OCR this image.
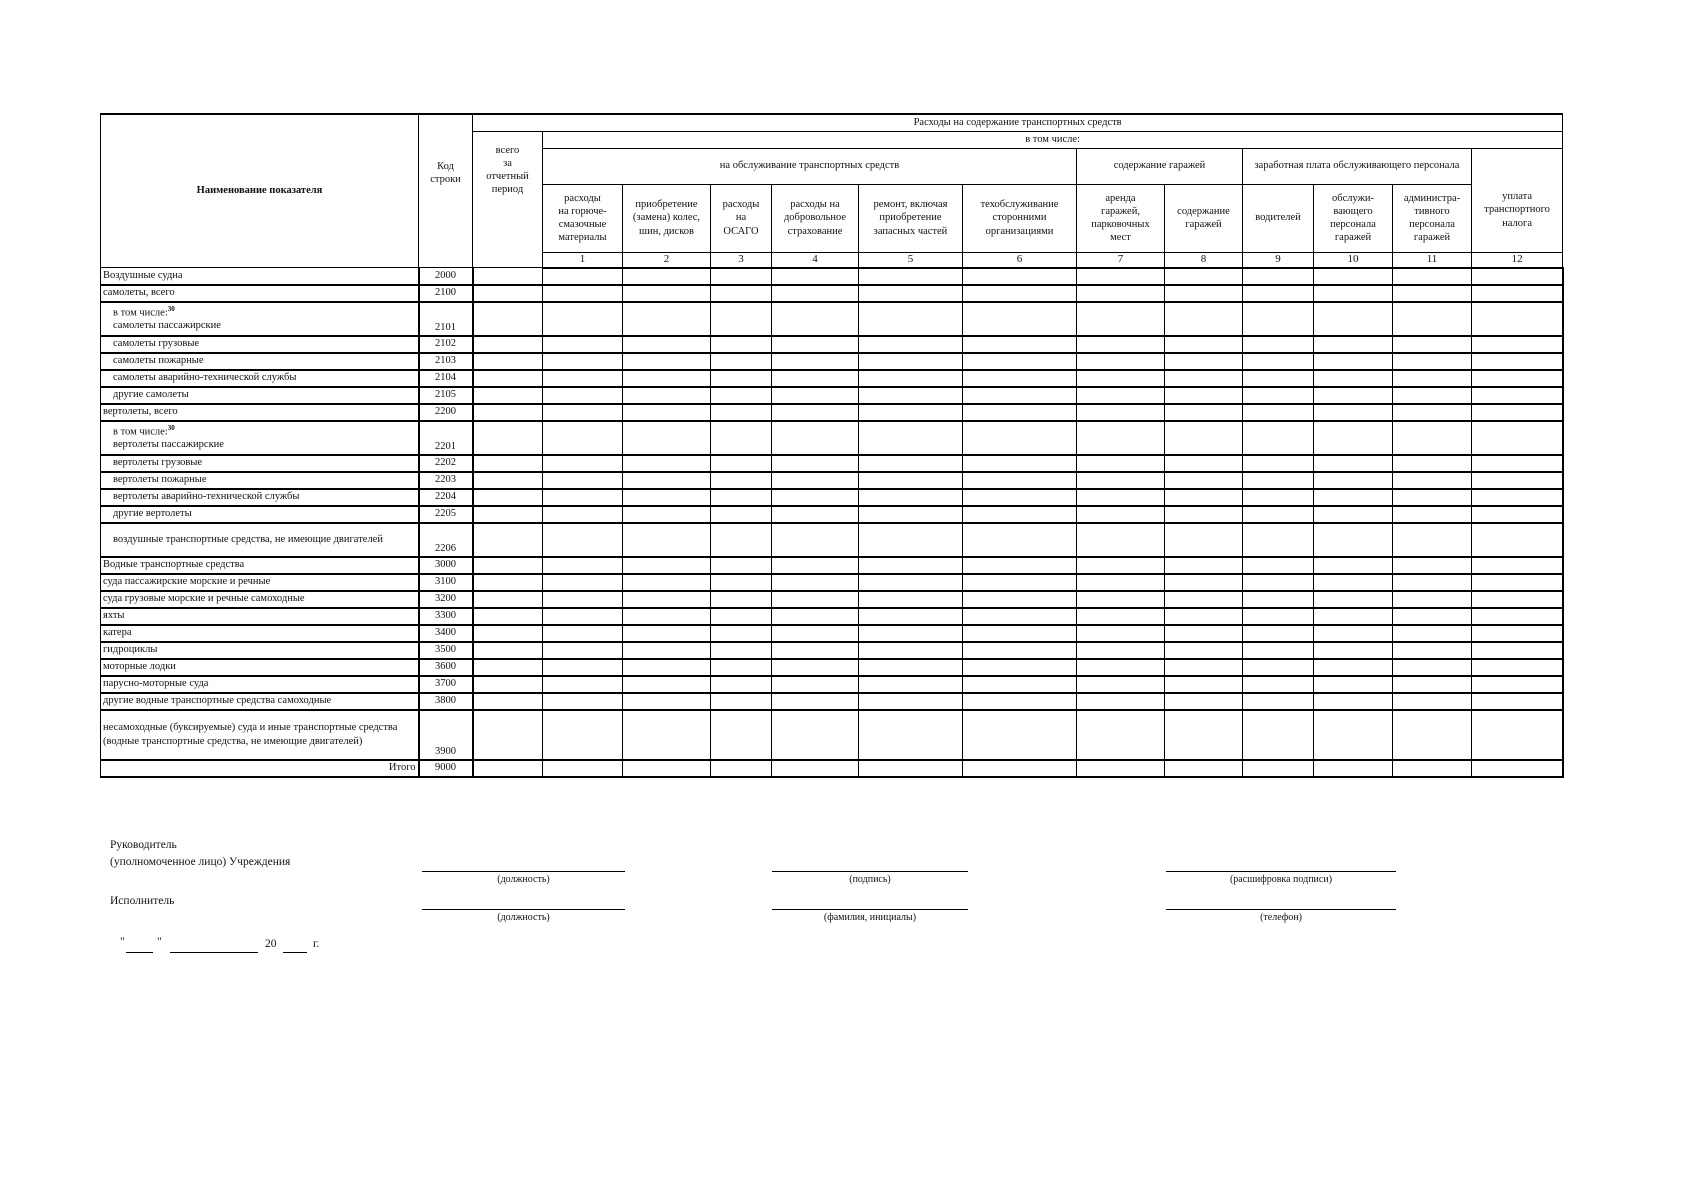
Наименование показателя	Код
строки	Расходы на содержание транспортных средств													
		всего
за
отчетный
период	в том числе:												
			на обслуживание транспортных средств						содержание гаражей		заработная плата обслуживающего персонала			уплата
транспортного
налога	
			расходы
на горюче-
смазочные
материалы	приобретение
(замена) колес,
шин, дисков	расходы
на
ОСАГО	расходы на
добровольное
страхование	ремонт, включая
приобретение
запасных частей	техобслуживание
сторонними
организациями	аренда
гаражей,
парковочных
мест	содержание
гаражей	водителей	обслужи-
вающего
персонала
гаражей	администра-
тивного
персонала
гаражей		
			1	2	3	4	5	6	7	8	9	10	11	12			
Воздушные судна	2000														
самолеты, всего	2100														
в том числе:$^{30}$
самолеты пассажирские	2101														
самолеты грузовые	2102														
самолеты пожарные	2103														
самолеты аварийно-технической службы	2104														
другие самолеты	2105														
вертолеты, всего	2200														
в том числе:$^{30}$
вертолеты пассажирские	2201														
вертолеты грузовые	2202														
вертолеты пожарные	2203														
вертолеты аварийно-технической службы	2204														
другие вертолеты	2205														
воздушные транспортные средства, не имеющие двигателей	2206														
Водные транспортные средства	3000														
суда пассажирские морские и речные	3100														
суда грузовые морские и речные самоходные	3200														
яхты	3300														
катера	3400														
гидроциклы	3500														
моторные лодки	3600														
парусно-моторные суда	3700														
другие водные транспортные средства самоходные	3800														
несамоходные (буксируемые) суда и иные транспортные средства (водные транспортные средства, не имеющие двигателей)	3900														
Итого	9000														
Руководитель
(уполномоченное лицо) Учреждения
(должность)	(подпись)	(расшифровка подписи)
Исполнитель
(должность)	(фамилия, инициалы)	(телефон)
"	"	20	г.
